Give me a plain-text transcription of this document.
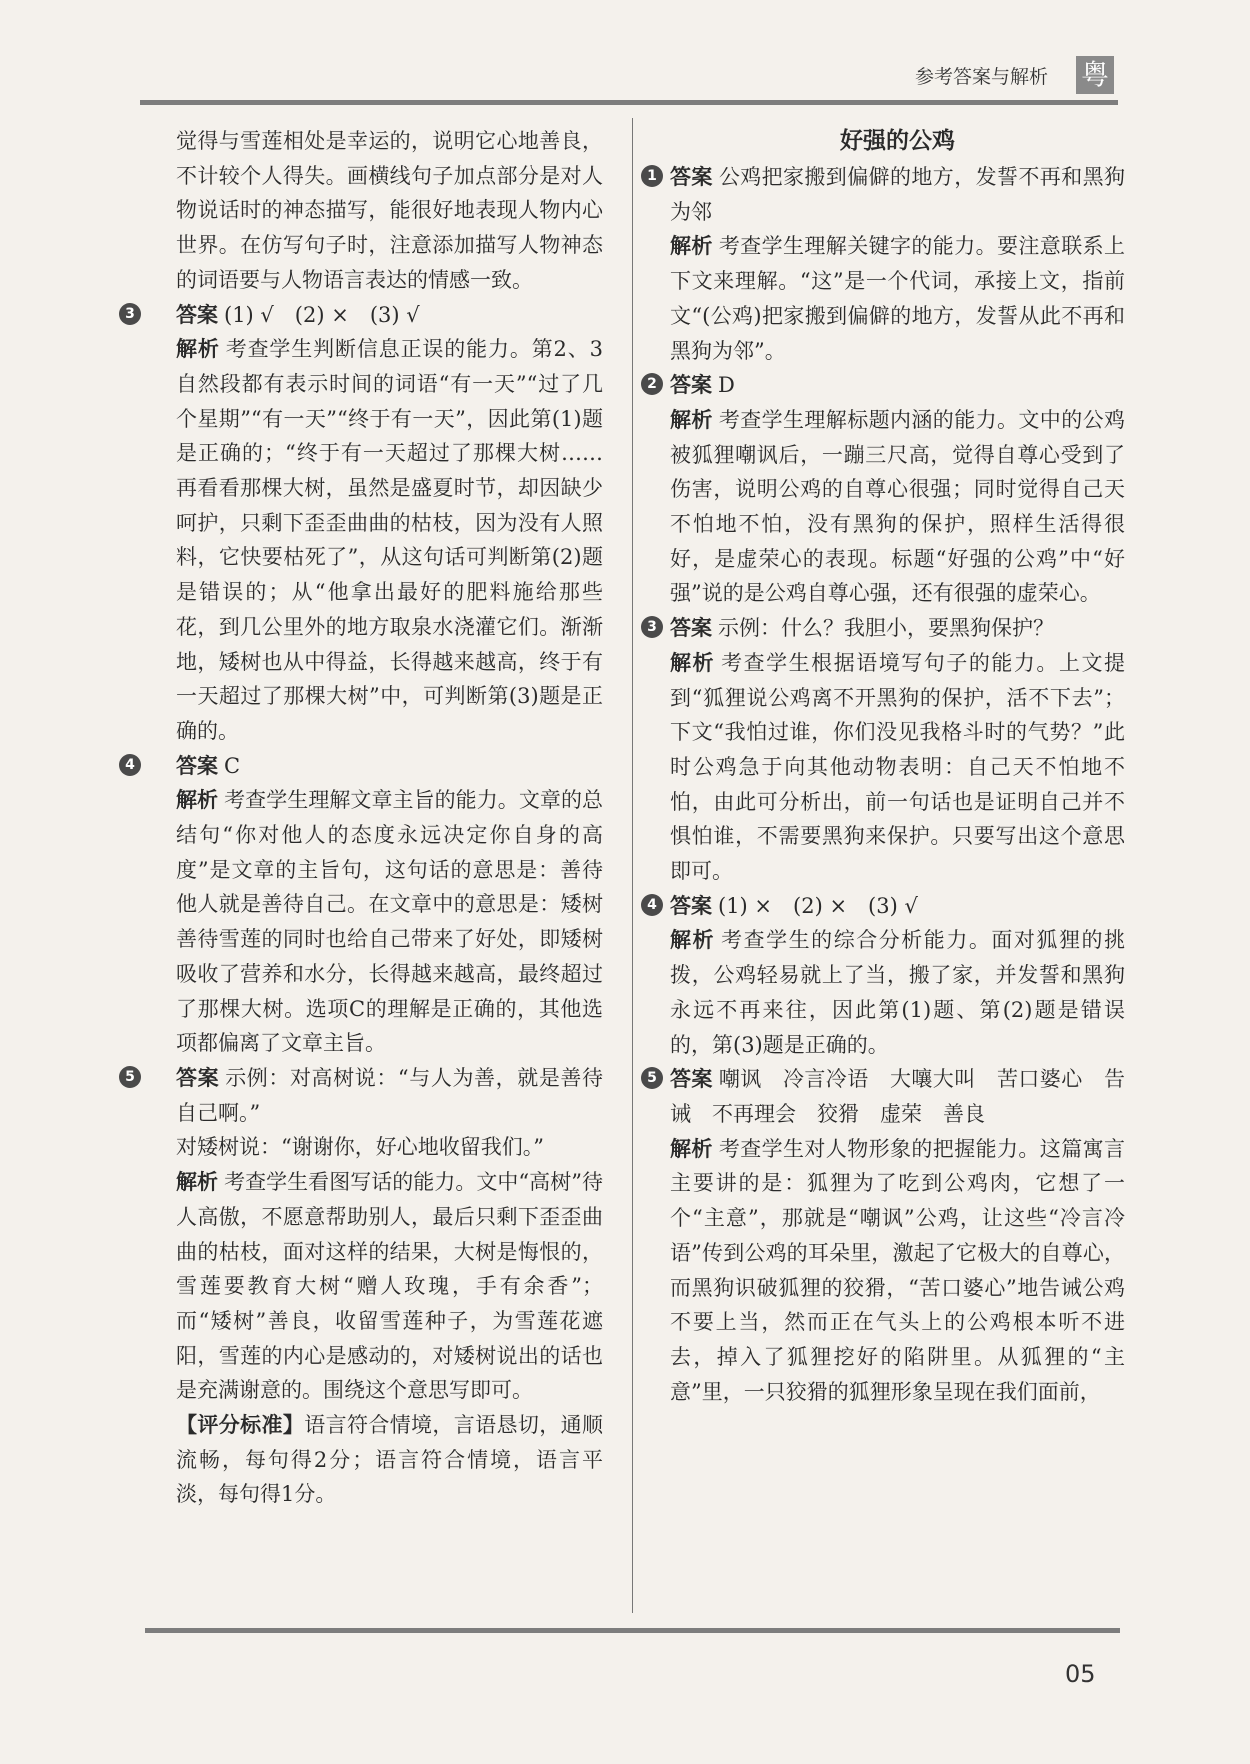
参考答案与解析 粤

觉得与雪莲相处是幸运的，说明它心地善良，不计较个人得失。画横线句子加点部分是对人物说话时的神态描写，能很好地表现人物内心世界。在仿写句子时，注意添加描写人物神态的词语要与人物语言表达的情感一致。

3 答案 (1) √　(2) ×　(3) √

解析 考查学生判断信息正误的能力。第2、3自然段都有表示时间的词语“有一天”“过了几个星期”“有一天”“终于有一天”，因此第(1)题是正确的；“终于有一天超过了那棵大树……再看看那棵大树，虽然是盛夏时节，却因缺少呵护，只剩下歪歪曲曲的枯枝，因为没有人照料，它快要枯死了”，从这句话可判断第(2)题是错误的；从“他拿出最好的肥料施给那些花，到几公里外的地方取泉水浇灌它们。渐渐地，矮树也从中得益，长得越来越高，终于有一天超过了那棵大树”中，可判断第(3)题是正确的。

4 答案 C

解析 考查学生理解文章主旨的能力。文章的总结句“你对他人的态度永远决定你自身的高度”是文章的主旨句，这句话的意思是：善待他人就是善待自己。在文章中的意思是：矮树善待雪莲的同时也给自己带来了好处，即矮树吸收了营养和水分，长得越来越高，最终超过了那棵大树。选项C的理解是正确的，其他选项都偏离了文章主旨。

5 答案 示例：对高树说：“与人为善，就是善待自己啊。”

对矮树说：“谢谢你，好心地收留我们。”

解析 考查学生看图写话的能力。文中“高树”待人高傲，不愿意帮助别人，最后只剩下歪歪曲曲的枯枝，面对这样的结果，大树是悔恨的，雪莲要教育大树“赠人玫瑰，手有余香”；而“矮树”善良，收留雪莲种子，为雪莲花遮阳，雪莲的内心是感动的，对矮树说出的话也是充满谢意的。围绕这个意思写即可。

【评分标准】语言符合情境，言语恳切，通顺流畅，每句得2分；语言符合情境，语言平淡，每句得1分。

好强的公鸡
1 答案 公鸡把家搬到偏僻的地方，发誓不再和黑狗为邻

解析 考查学生理解关键字的能力。要注意联系上下文来理解。“这”是一个代词，承接上文，指前文“(公鸡)把家搬到偏僻的地方，发誓从此不再和黑狗为邻”。

2 答案 D

解析 考查学生理解标题内涵的能力。文中的公鸡被狐狸嘲讽后，一蹦三尺高，觉得自尊心受到了伤害，说明公鸡的自尊心很强；同时觉得自己天不怕地不怕，没有黑狗的保护，照样生活得很好，是虚荣心的表现。标题“好强的公鸡”中“好强”说的是公鸡自尊心强，还有很强的虚荣心。

3 答案 示例：什么？我胆小，要黑狗保护？

解析 考查学生根据语境写句子的能力。上文提到“狐狸说公鸡离不开黑狗的保护，活不下去”；下文“我怕过谁，你们没见我格斗时的气势？”此时公鸡急于向其他动物表明：自己天不怕地不怕，由此可分析出，前一句话也是证明自己并不惧怕谁，不需要黑狗来保护。只要写出这个意思即可。

4 答案 (1) ×　(2) ×　(3) √

解析 考查学生的综合分析能力。面对狐狸的挑拨，公鸡轻易就上了当，搬了家，并发誓和黑狗永远不再来往，因此第(1)题、第(2)题是错误的，第(3)题是正确的。

5 答案 嘲讽　冷言冷语　大嚷大叫　苦口婆心　告诫　不再理会　狡猾　虚荣　善良

解析 考查学生对人物形象的把握能力。这篇寓言主要讲的是：狐狸为了吃到公鸡肉，它想了一个“主意”，那就是“嘲讽”公鸡，让这些“冷言冷语”传到公鸡的耳朵里，激起了它极大的自尊心，而黑狗识破狐狸的狡猾，“苦口婆心”地告诫公鸡不要上当，然而正在气头上的公鸡根本听不进去，掉入了狐狸挖好的陷阱里。从狐狸的“主意”里，一只狡猾的狐狸形象呈现在我们面前，

05
